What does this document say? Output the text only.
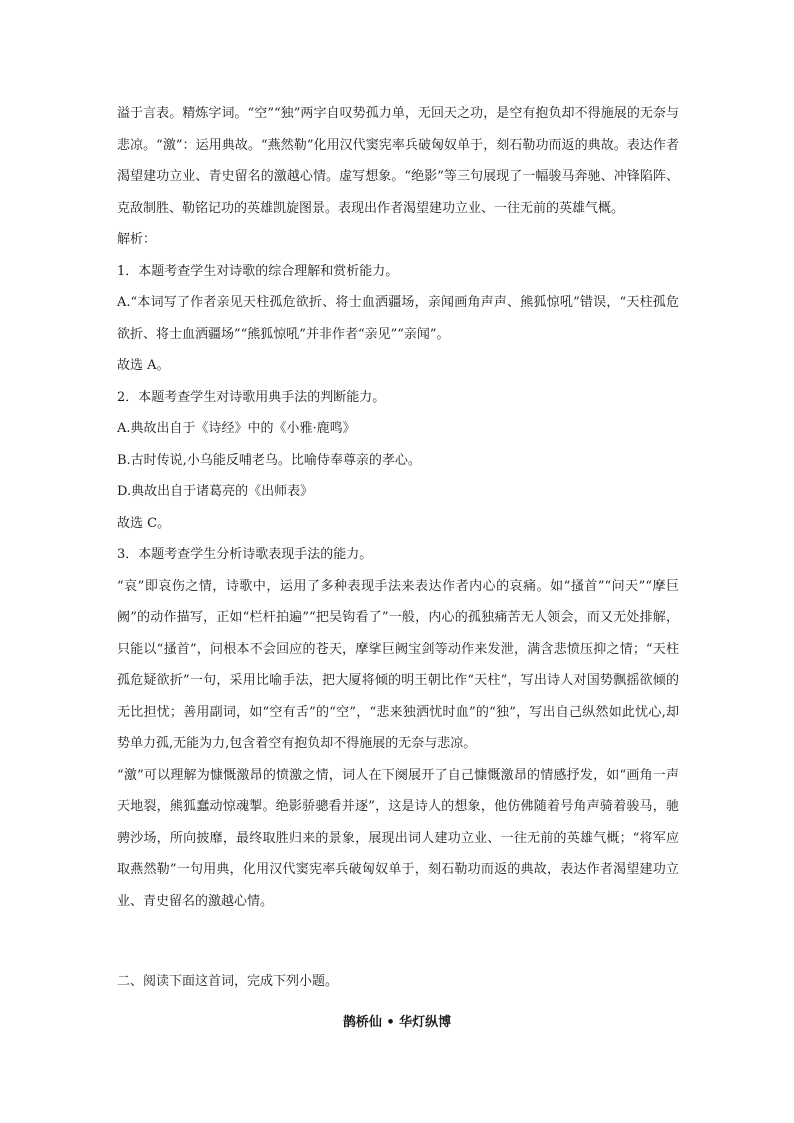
溢于言表。精炼字词。“空”“独”两字自叹势孤力单，无回天之功，是空有抱负却不得施展的无奈与悲凉。“激”：运用典故。“燕然勒”化用汉代窦宪率兵破匈奴单于，刻石勒功而返的典故。表达作者渴望建功立业、青史留名的激越心情。虚写想象。“绝影”等三句展现了一幅骏马奔驰、冲锋陷阵、克敌制胜、勒铭记功的英雄凯旋图景。表现出作者渴望建功立业、一往无前的英雄气概。

解析：

1．本题考查学生对诗歌的综合理解和赏析能力。

A.“本词写了作者亲见天柱孤危欲折、将士血洒疆场，亲闻画角声声、熊狐惊吼”错误，“天柱孤危欲折、将士血洒疆场”“熊狐惊吼”并非作者“亲见”“亲闻”。

故选 A。

2．本题考查学生对诗歌用典手法的判断能力。

A.典故出自于《诗经》中的《小雅·鹿鸣》

B.古时传说,小乌能反哺老乌。比喻侍奉尊亲的孝心。

D.典故出自于诸葛亮的《出师表》

故选 C。

3．本题考查学生分析诗歌表现手法的能力。

“哀”即哀伤之情，诗歌中，运用了多种表现手法来表达作者内心的哀痛。如“搔首”“问天”“摩巨阙”的动作描写，正如“栏杆拍遍”“把吴钩看了”一般，内心的孤独痛苦无人领会，而又无处排解，只能以“搔首”，问根本不会回应的苍天，摩挲巨阙宝剑等动作来发泄，满含悲愤压抑之情；“天柱孤危疑欲折”一句，采用比喻手法，把大厦将倾的明王朝比作“天柱”，写出诗人对国势飘摇欲倾的无比担忧；善用副词，如“空有舌”的“空”，“悲来独洒忧时血”的“独”，写出自己纵然如此忧心,却势单力孤,无能为力,包含着空有抱负却不得施展的无奈与悲凉。

“激”可以理解为慷慨激昂的愤激之情，词人在下阕展开了自己慷慨激昂的情感抒发，如“画角一声天地裂，熊狐蠢动惊魂掣。绝影骄骢看并逐”，这是诗人的想象，他仿佛随着号角声骑着骏马，驰骋沙场，所向披靡，最终取胜归来的景象，展现出词人建功立业、一往无前的英雄气概；“将军应取燕然勒”一句用典，化用汉代窦宪率兵破匈奴单于，刻石勒功而返的典故，表达作者渴望建功立业、青史留名的激越心情。

二、阅读下面这首词，完成下列小题。

鹊桥仙 • 华灯纵博
